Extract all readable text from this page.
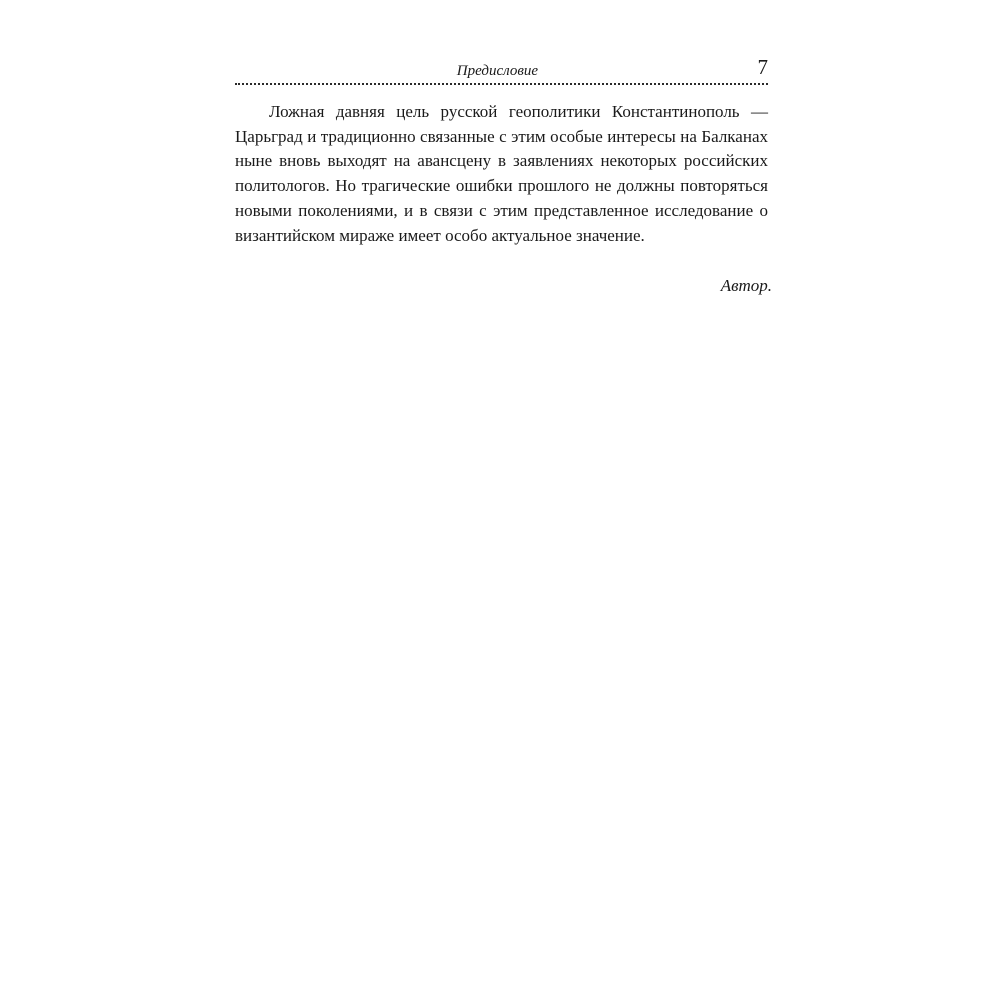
Предисловие	7

Ложная давняя цель русской геополитики Константинополь — Царьград и традиционно связанные с этим особые интересы на Балканах ныне вновь выходят на авансцену в заявлениях некоторых российских политологов. Но трагические ошибки прошлого не должны повторяться новыми поколениями, и в связи с этим представленное исследование о византийском мираже имеет особо актуальное значение.

Автор.
